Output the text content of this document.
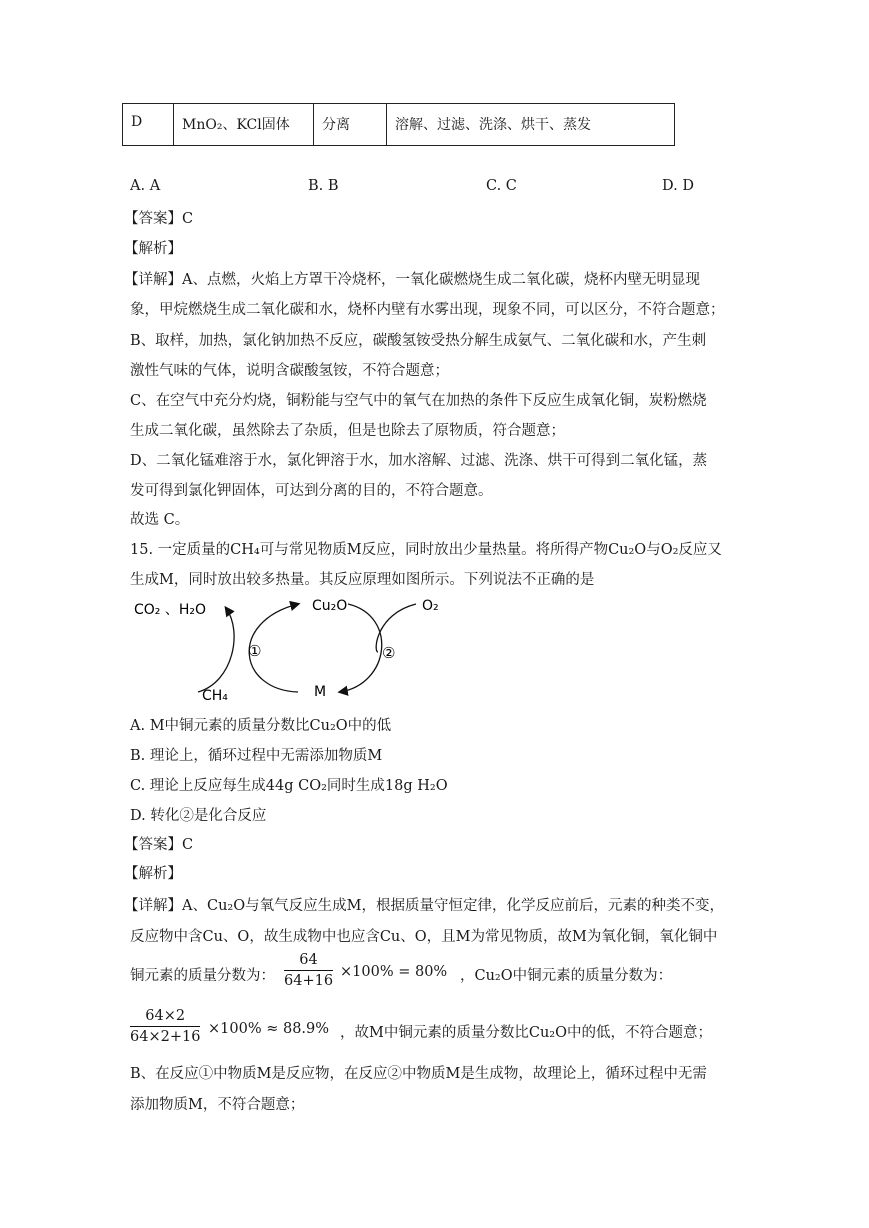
D	MnO₂、KCl固体	分离	溶解、过滤、洗涤、烘干、蒸发
A. A	B. B	C. C	D. D
【答案】C
【解析】
【详解】A、点燃，火焰上方罩干冷烧杯，一氧化碳燃烧生成二氧化碳，烧杯内壁无明显现
象，甲烷燃烧生成二氧化碳和水，烧杯内壁有水雾出现，现象不同，可以区分，不符合题意；
B、取样，加热，氯化钠加热不反应，碳酸氢铵受热分解生成氨气、二氧化碳和水，产生刺
激性气味的气体，说明含碳酸氢铵，不符合题意；
C、在空气中充分灼烧，铜粉能与空气中的氧气在加热的条件下反应生成氧化铜，炭粉燃烧
生成二氧化碳，虽然除去了杂质，但是也除去了原物质，符合题意；
D、二氧化锰难溶于水，氯化钾溶于水，加水溶解、过滤、洗涤、烘干可得到二氧化锰，蒸
发可得到氯化钾固体，可达到分离的目的，不符合题意。
故选 C。
15. 一定质量的CH₄可与常见物质M反应，同时放出少量热量。将所得产物Cu₂O与O₂反应又
生成M，同时放出较多热量。其反应原理如图所示。下列说法不正确的是
CO₂ 、H₂O	Cu₂O	O₂
①	②
CH₄	M
A. M中铜元素的质量分数比Cu₂O中的低
B. 理论上，循环过程中无需添加物质M
C. 理论上反应每生成44g CO₂同时生成18g H₂O
D. 转化②是化合反应
【答案】C
【解析】
【详解】A、Cu₂O与氧气反应生成M，根据质量守恒定律，化学反应前后，元素的种类不变，
反应物中含Cu、O，故生成物中也应含Cu、O，且M为常见物质，故M为氧化铜，氧化铜中
铜元素的质量分数为： $\frac{64}{64+16} \times 100\% = 80\%$ ，Cu₂O中铜元素的质量分数为：
$\frac{64\times 2}{64\times 2+16} \times 100\% \approx 88.9\%$ ，故M中铜元素的质量分数比Cu₂O中的低，不符合题意；
B、在反应①中物质M是反应物，在反应②中物质M是生成物，故理论上，循环过程中无需
添加物质M，不符合题意；
